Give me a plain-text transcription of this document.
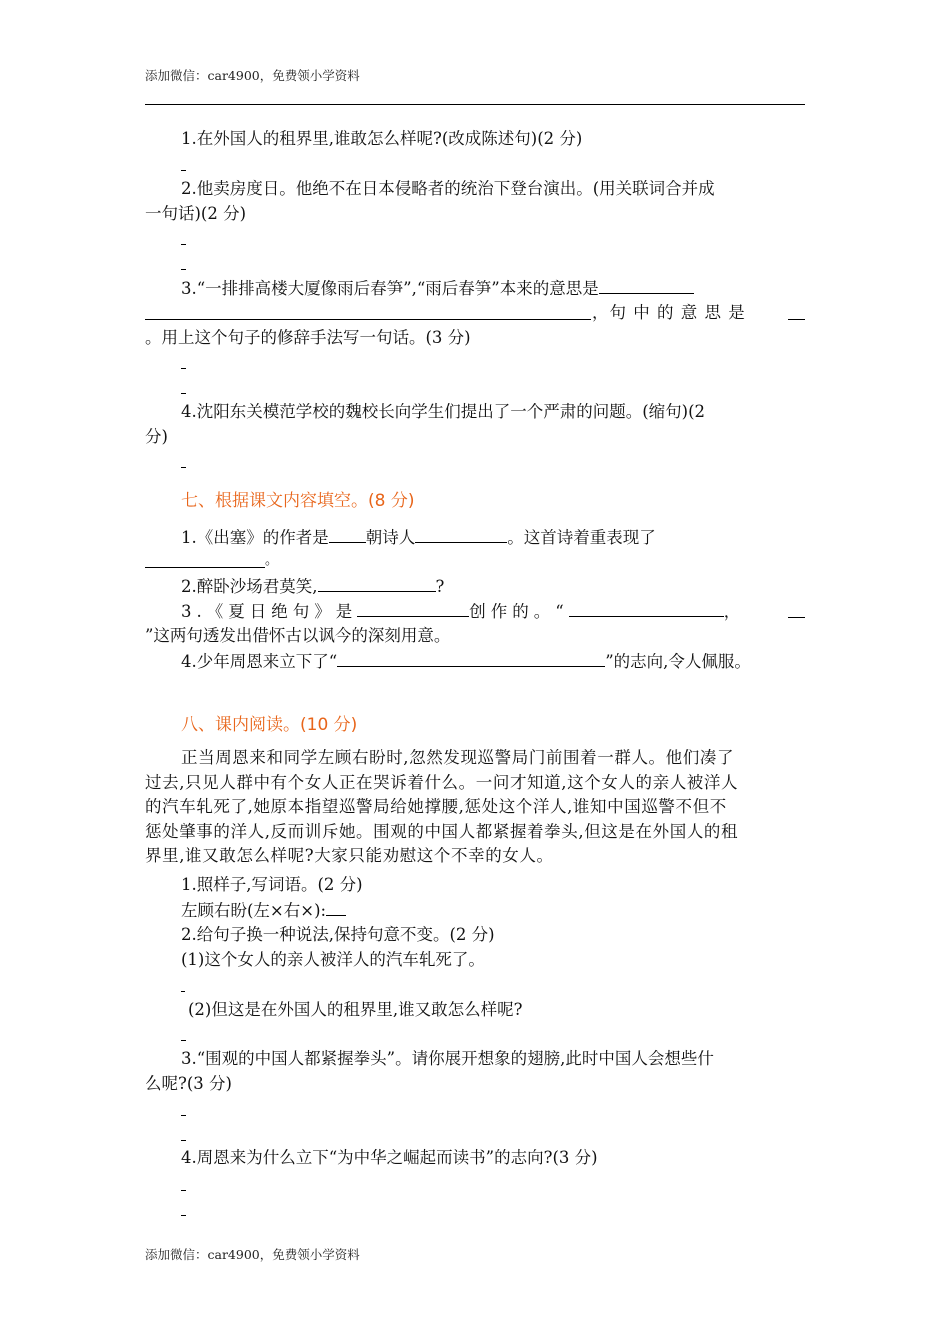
添加微信：car4900，免费领小学资料
1.在外国人的租界里,谁敢怎么样呢?(改成陈述句)(2 分)
2.他卖房度日。他绝不在日本侵略者的统治下登台演出。(用关联词合并成
一句话)(2 分)
3.“一排排高楼大厦像雨后春笋”,“雨后春笋”本来的意思是
，句 中 的 意 思 是
。用上这个句子的修辞手法写一句话。(3 分)
4.沈阳东关模范学校的魏校长向学生们提出了一个严肃的问题。(缩句)(2
分)
七、根据课文内容填空。(8 分)
1.《出塞》的作者是 朝诗人	。这首诗着重表现了
。
2.醉卧沙场君莫笑,	?
3.《夏日绝句》是	创作的。“	，
”这两句透发出借怀古以讽今的深刻用意。
4.少年周恩来立下了“	”的志向,令人佩服。
八、课内阅读。(10 分)
正当周恩来和同学左顾右盼时,忽然发现巡警局门前围着一群人。他们凑了
过去,只见人群中有个女人正在哭诉着什么。一问才知道,这个女人的亲人被洋人
的汽车轧死了,她原本指望巡警局给她撑腰,惩处这个洋人,谁知中国巡警不但不
惩处肇事的洋人,反而训斥她。围观的中国人都紧握着拳头,但这是在外国人的租
界里,谁又敢怎么样呢?大家只能劝慰这个不幸的女人。
1.照样子,写词语。(2 分)
左顾右盼(左×右×):
2.给句子换一种说法,保持句意不变。(2 分)
(1)这个女人的亲人被洋人的汽车轧死了。
(2)但这是在外国人的租界里,谁又敢怎么样呢?
3.“围观的中国人都紧握拳头”。请你展开想象的翅膀,此时中国人会想些什
么呢?(3 分)
4.周恩来为什么立下“为中华之崛起而读书”的志向?(3 分)
添加微信：car4900，免费领小学资料
